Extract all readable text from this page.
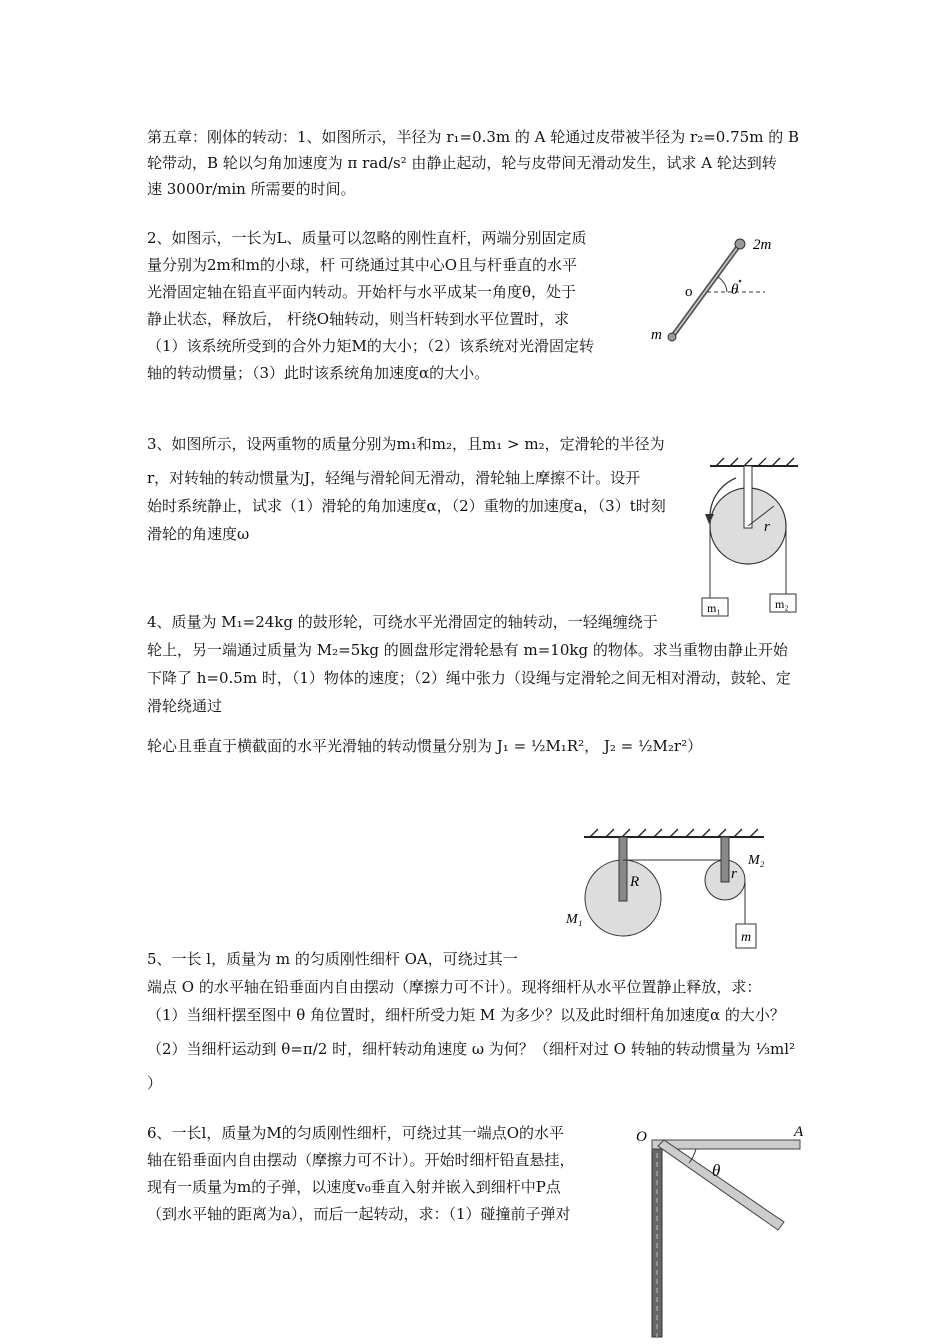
第五章：刚体的转动：1、如图所示，半径为 r₁=0.3m 的 A 轮通过皮带被半径为 r₂=0.75m 的 B
轮带动，B 轮以匀角加速度为 π rad/s² 由静止起动，轮与皮带间无滑动发生，试求 A 轮达到转
速 3000r/min 所需要的时间。
2、如图示，一长为L、质量可以忽略的刚性直杆，两端分别固定质
量分别为2m和m的小球，杆 可绕通过其中心O且与杆垂直的水平
光滑固定轴在铅直平面内转动。开始杆与水平成某一角度θ，处于
静止状态，释放后， 杆绕O轴转动，则当杆转到水平位置时，求
（1）该系统所受到的合外力矩M的大小；（2）该系统对光滑固定转
轴的转动惯量；（3）此时该系统角加速度α的大小。
2m
m
o	θ
3、如图所示，设两重物的质量分别为m₁和m₂，且m₁ > m₂，定滑轮的半径为
r，对转轴的转动惯量为J，轻绳与滑轮间无滑动，滑轮轴上摩擦不计。设开
始时系统静止，试求（1）滑轮的角加速度α，（2）重物的加速度a，（3）t时刻
滑轮的角速度ω	r
m₁	m₂
4、质量为 M₁=24kg 的鼓形轮，可绕水平光滑固定的轴转动，一轻绳缠绕于
轮上，另一端通过质量为 M₂=5kg 的圆盘形定滑轮悬有 m=10kg 的物体。求当重物由静止开始
下降了 h=0.5m 时，（1）物体的速度；（2）绳中张力（设绳与定滑轮之间无相对滑动，鼓轮、定
滑轮绕通过
轮心且垂直于横截面的水平光滑轴的转动惯量分别为 J₁ = ½M₁R²， J₂ = ½M₂r²）
R
M₁
r
M₂
m
5、一长 l，质量为 m 的匀质刚性细杆 OA，可绕过其一
端点 O 的水平轴在铅垂面内自由摆动（摩擦力可不计）。现将细杆从水平位置静止释放，求：
（1）当细杆摆至图中 θ 角位置时，细杆所受力矩 M 为多少？以及此时细杆角加速度α 的大小？
（2）当细杆运动到 θ=π/2 时，细杆转动角速度 ω 为何？（细杆对过 O 转轴的转动惯量为 ⅓ml²
）
6、一长l，质量为M的匀质刚性细杆，可绕过其一端点O的水平
轴在铅垂面内自由摆动（摩擦力可不计）。开始时细杆铅直悬挂，
现有一质量为m的子弹，以速度v₀垂直入射并嵌入到细杆中P点
（到水平轴的距离为a），而后一起转动，求：（1）碰撞前子弹对
O	A
θ
